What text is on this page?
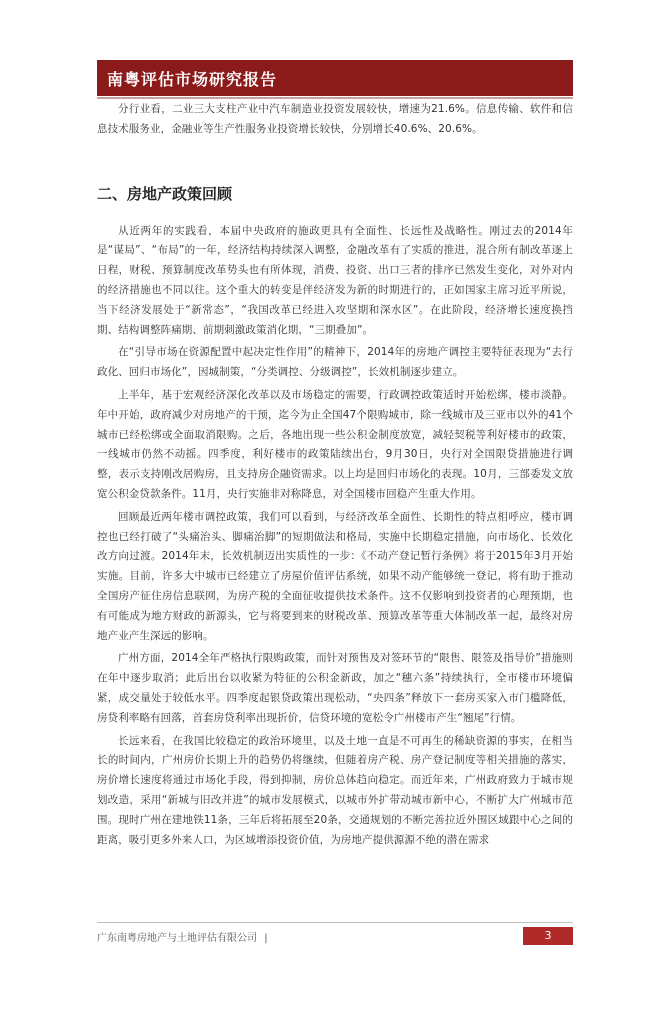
南粤评估市场研究报告

分行业看，二业三大支柱产业中汽车制造业投资发展较快，增速为21.6%。信息传输、软件和信息技术服务业，金融业等生产性服务业投资增长较快，分别增长40.6%、20.6%。

二、房地产政策回顾

从近两年的实践看，本届中央政府的施政更具有全面性、长远性及战略性。刚过去的2014年是“谋局”、“布局”的一年，经济结构持续深入调整，金融改革有了实质的推进，混合所有制改革逐上日程，财税、预算制度改革势头也有所体现，消费、投资、出口三者的排序已然发生变化，对外对内的经济措施也不同以往。这个重大的转变是伴经济发为新的时期进行的，正如国家主席习近平所说，当下经济发展处于“新常态”，“我国改革已经进入攻坚期和深水区”。在此阶段，经济增长速度换挡期、结构调整阵痛期、前期刺激政策消化期，“三期叠加”。

在“引导市场在资源配置中起决定性作用”的精神下，2014年的房地产调控主要特征表现为“去行政化、回归市场化”，因城制策，“分类调控、分级调控”，长效机制逐步建立。

上半年，基于宏观经济深化改革以及市场稳定的需要，行政调控政策适时开始松绑，楼市淡静。年中开始，政府减少对房地产的干预，迄今为止全国47个限购城市，除一线城市及三亚市以外的41个城市已经松绑或全面取消限购。之后，各地出现一些公积金制度放宽，减轻契税等利好楼市的政策，一线城市仍然不动摇。四季度，利好楼市的政策陆续出台，9月30日，央行对全国限贷措施进行调整，表示支持刚改居购房，且支持房企融资需求。以上均是回归市场化的表现。10月，三部委发文放宽公积金贷款条件。11月，央行实施非对称降息，对全国楼市回稳产生重大作用。

回顾最近两年楼市调控政策，我们可以看到，与经济改革全面性、长期性的特点相呼应，楼市调控也已经打破了“头痛治头、脚痛治脚”的短期做法和格局，实施中长期稳定措施，向市场化、长效化改方向过渡。2014年末，长效机制迈出实质性的一步：《不动产登记暂行条例》将于2015年3月开始实施。目前，许多大中城市已经建立了房屋价值评估系统，如果不动产能够统一登记，将有助于推动全国房产征住房信息联网，为房产税的全面征收提供技术条件。这不仅影响到投资者的心理预期，也有可能成为地方财政的新源头，它与将要到来的财税改革、预算改革等重大体制改革一起，最终对房地产业产生深远的影响。

广州方面，2014全年严格执行限购政策，而针对预售及对签环节的“限售、限签及指导价”措施则在年中逐步取消；此后出台以收紧为特征的公积金新政，加之“穗六条”持续执行，全市楼市环境偏紧，成交量处于较低水平。四季度起银贷政策出现松动，“央四条”释放下一套房买家入市门槛降低，房贷利率略有回落，首套房贷利率出现折价，信贷环境的宽松令广州楼市产生“翘尾”行情。

长远来看，在我国比较稳定的政治环境里，以及土地一直是不可再生的稀缺资源的事实，在相当长的时间内，广州房价长期上升的趋势仍将继续，但随着房产税、房产登记制度等相关措施的落实，房价增长速度将通过市场化手段，得到抑制，房价总体趋向稳定。而近年来，广州政府致力于城市规划改造，采用“新城与旧改并进”的城市发展模式，以城市外扩带动城市新中心，不断扩大广州城市范围。现时广州在建地铁11条，三年后将拓展至20条，交通规划的不断完善拉近外围区域跟中心之间的距离，吸引更多外来人口，为区域增添投资价值，为房地产提供源源不绝的潜在需求

广东南粤房地产与土地评估有限公司 |	3
